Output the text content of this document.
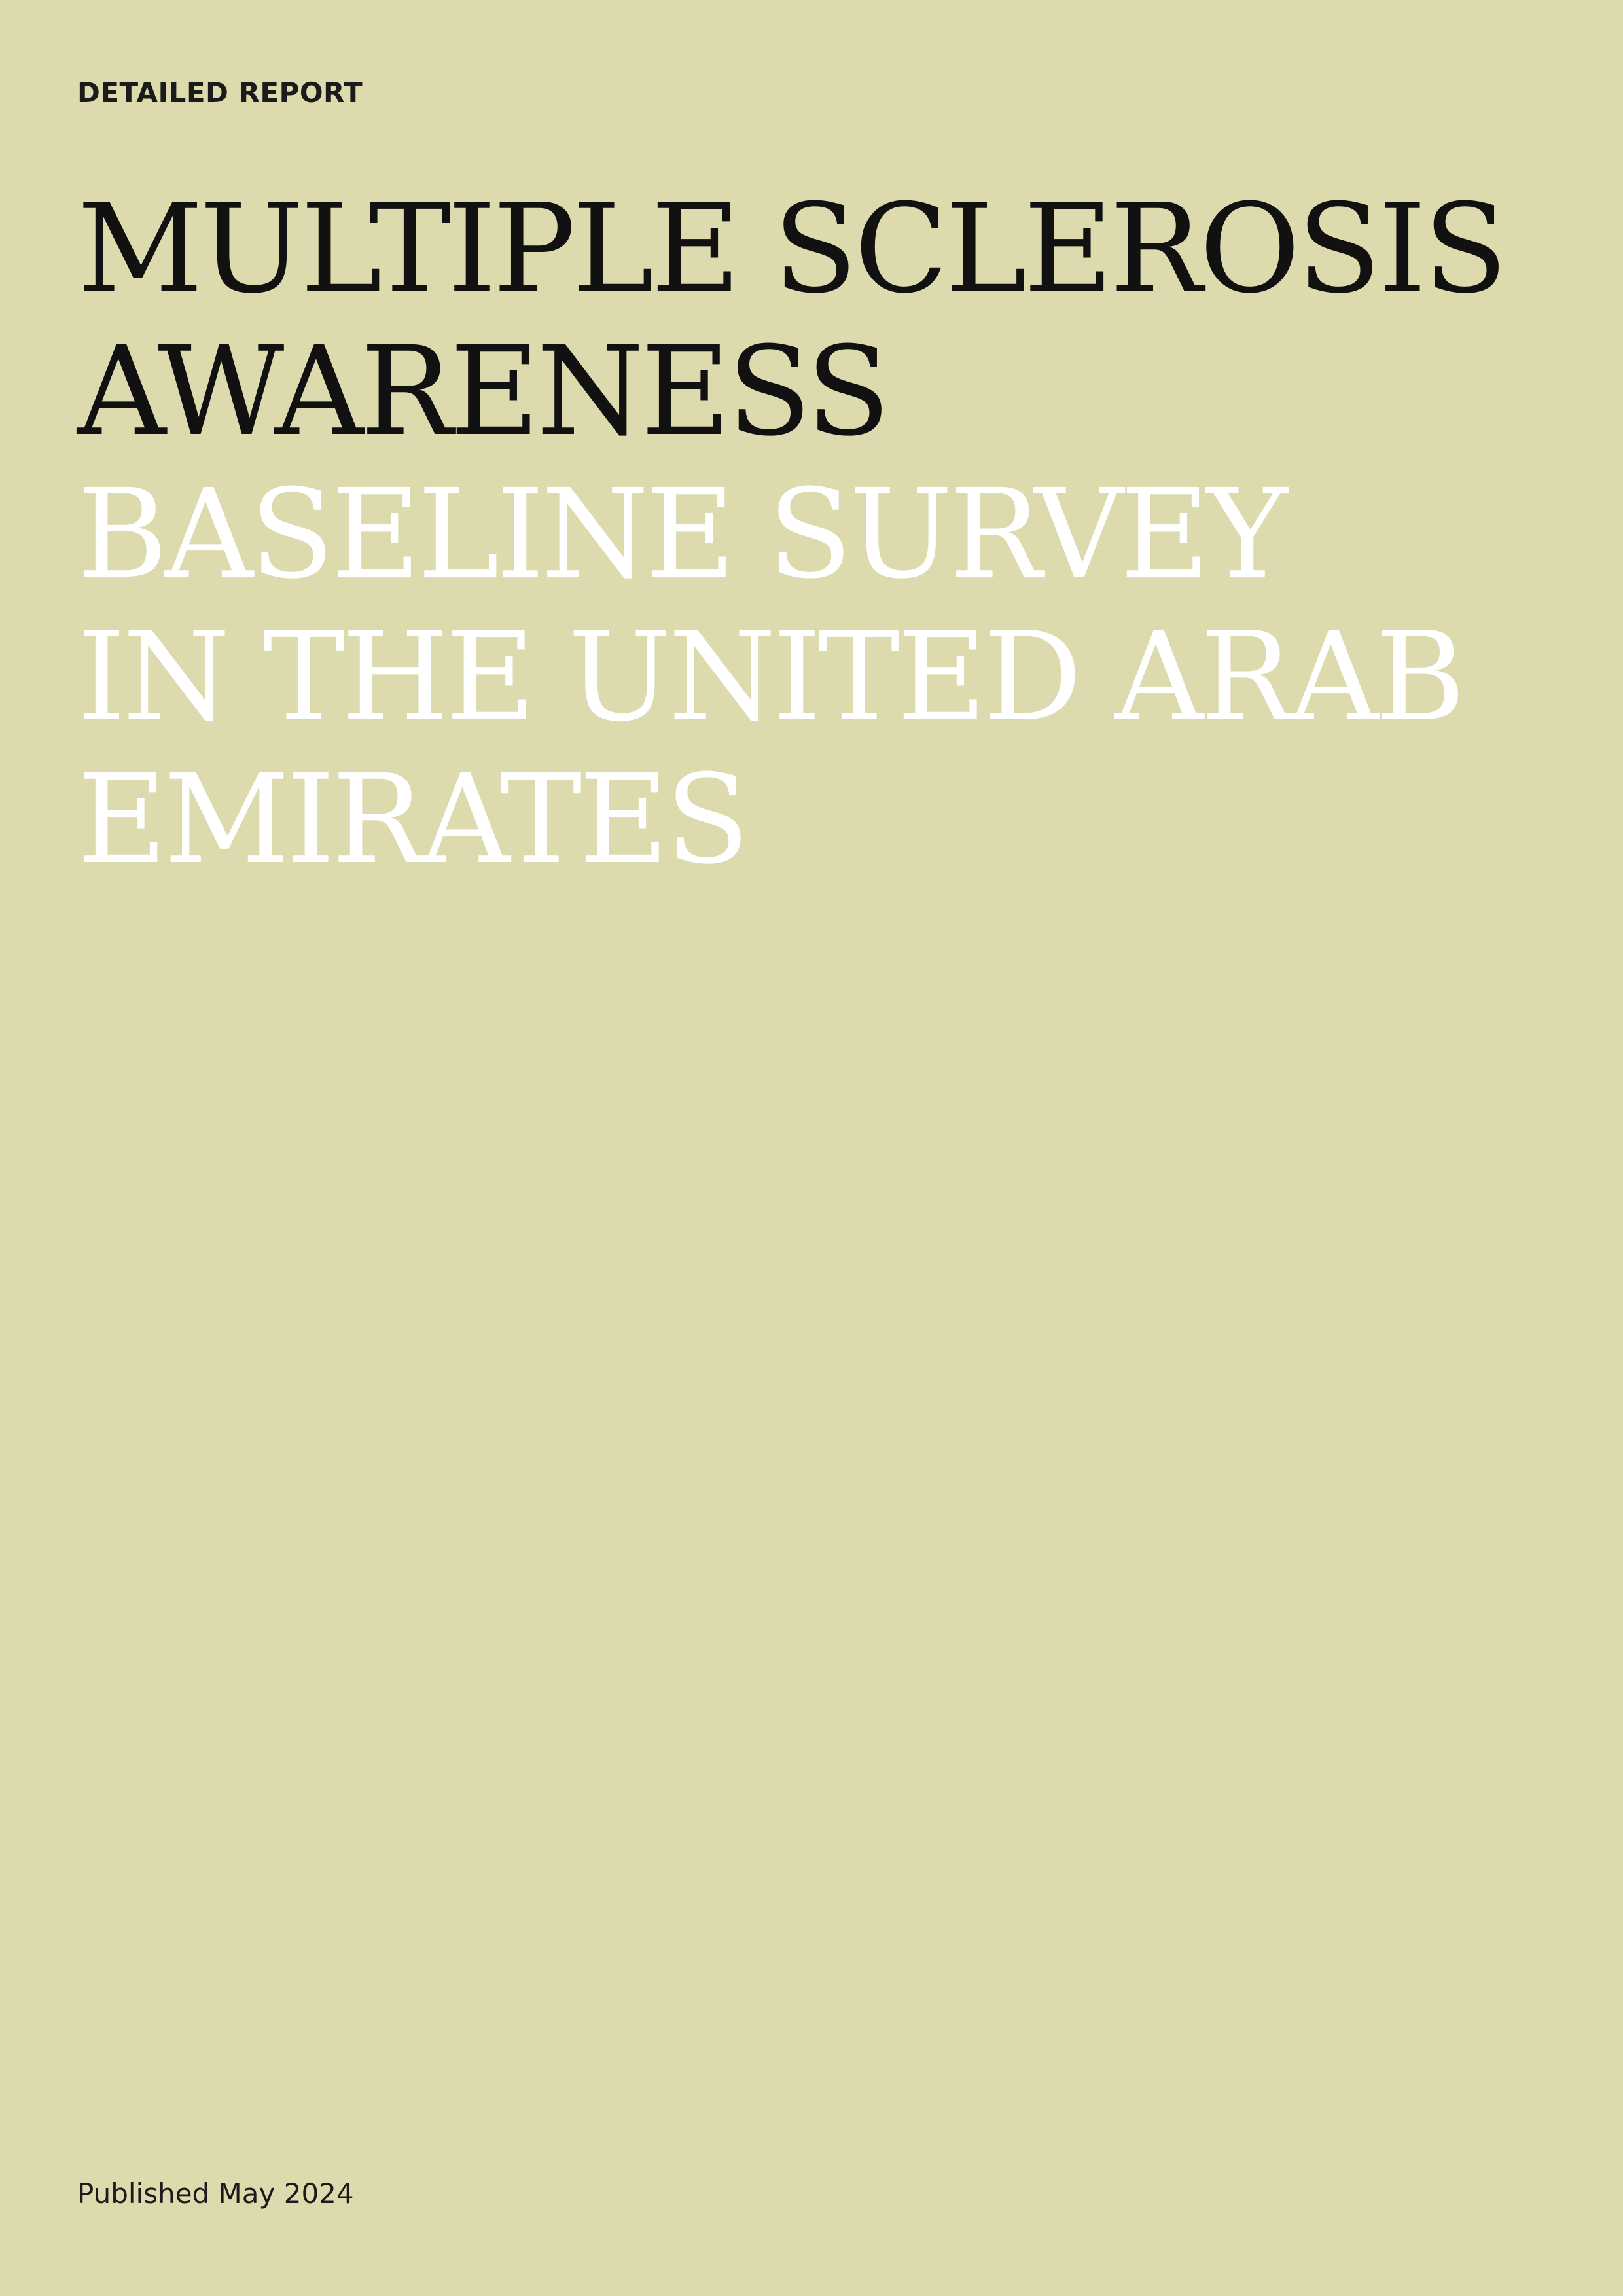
DETAILED REPORT
MULTIPLE SCLEROSIS
AWARENESS
BASELINE SURVEY
IN THE UNITED ARAB
EMIRATES
Published May 2024
